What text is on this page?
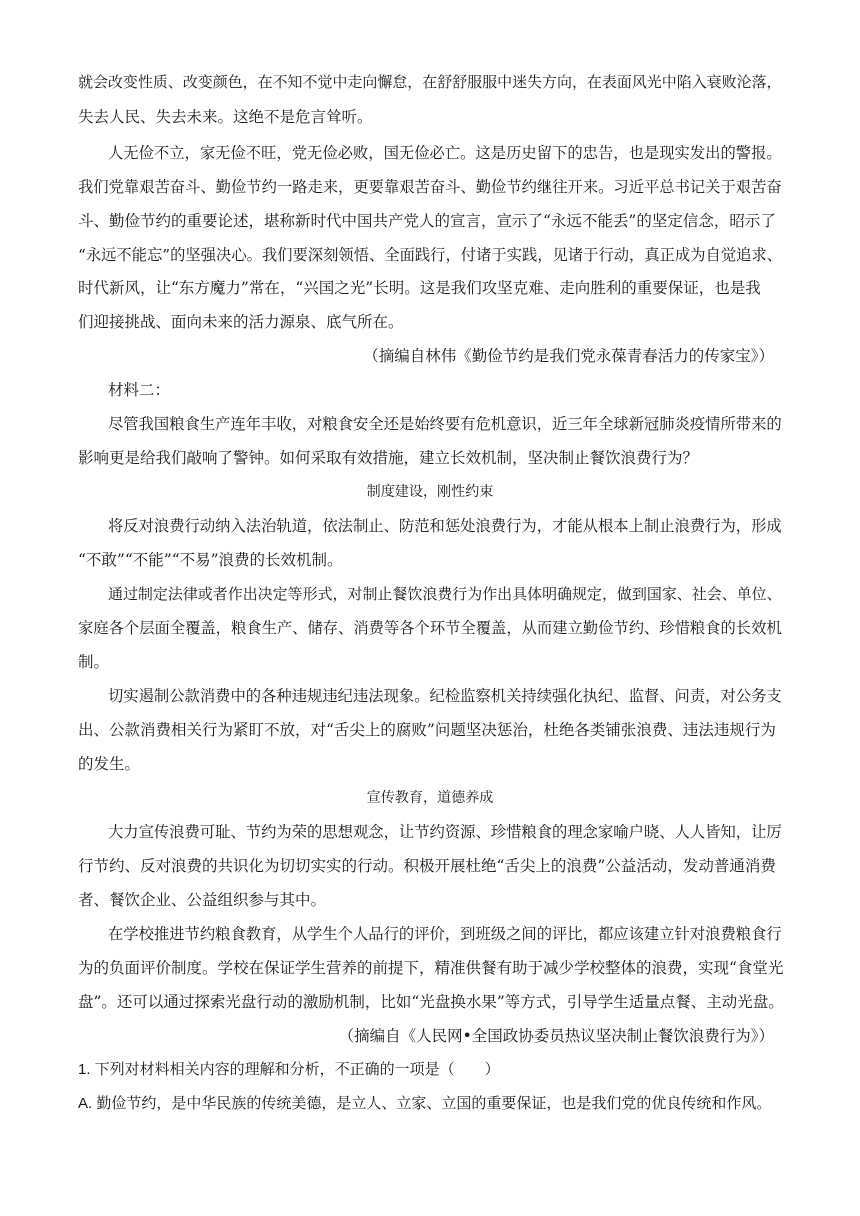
就会改变性质、改变颜色，在不知不觉中走向懈怠，在舒舒服服中迷失方向，在表面风光中陷入衰败沦落，
失去人民、失去未来。这绝不是危言耸听。
人无俭不立，家无俭不旺，党无俭必败，国无俭必亡。这是历史留下的忠告，也是现实发出的警报。
我们党靠艰苦奋斗、勤俭节约一路走来，更要靠艰苦奋斗、勤俭节约继往开来。习近平总书记关于艰苦奋
斗、勤俭节约的重要论述，堪称新时代中国共产党人的宣言，宣示了“永远不能丢”的坚定信念，昭示了
“永远不能忘”的坚强决心。我们要深刻领悟、全面践行，付诸于实践，见诸于行动，真正成为自觉追求、
时代新风，让“东方魔力”常在，“兴国之光”长明。这是我们攻坚克难、走向胜利的重要保证，也是我
们迎接挑战、面向未来的活力源泉、底气所在。
（摘编自林伟《勤俭节约是我们党永葆青春活力的传家宝》）
材料二：
尽管我国粮食生产连年丰收，对粮食安全还是始终要有危机意识，近三年全球新冠肺炎疫情所带来的
影响更是给我们敲响了警钟。如何采取有效措施，建立长效机制，坚决制止餐饮浪费行为？
制度建设，刚性约束
将反对浪费行动纳入法治轨道，依法制止、防范和惩处浪费行为，才能从根本上制止浪费行为，形成
“不敢”“不能”“不易”浪费的长效机制。
通过制定法律或者作出决定等形式，对制止餐饮浪费行为作出具体明确规定，做到国家、社会、单位、
家庭各个层面全覆盖，粮食生产、储存、消费等各个环节全覆盖，从而建立勤俭节约、珍惜粮食的长效机
制。
切实遏制公款消费中的各种违规违纪违法现象。纪检监察机关持续强化执纪、监督、问责，对公务支
出、公款消费相关行为紧盯不放，对“舌尖上的腐败”问题坚决惩治，杜绝各类铺张浪费、违法违规行为
的发生。
宣传教育，道德养成
大力宣传浪费可耻、节约为荣的思想观念，让节约资源、珍惜粮食的理念家喻户晓、人人皆知，让厉
行节约、反对浪费的共识化为切切实实的行动。积极开展杜绝“舌尖上的浪费”公益活动，发动普通消费
者、餐饮企业、公益组织参与其中。
在学校推进节约粮食教育，从学生个人品行的评价，到班级之间的评比，都应该建立针对浪费粮食行
为的负面评价制度。学校在保证学生营养的前提下，精准供餐有助于减少学校整体的浪费，实现“食堂光
盘”。还可以通过探索光盘行动的激励机制，比如“光盘换水果”等方式，引导学生适量点餐、主动光盘。
（摘编自《人民网•全国政协委员热议坚决制止餐饮浪费行为》）
1. 下列对材料相关内容的理解和分析，不正确的一项是（　　）
A. 勤俭节约，是中华民族的传统美德，是立人、立家、立国的重要保证，也是我们党的优良传统和作风。
